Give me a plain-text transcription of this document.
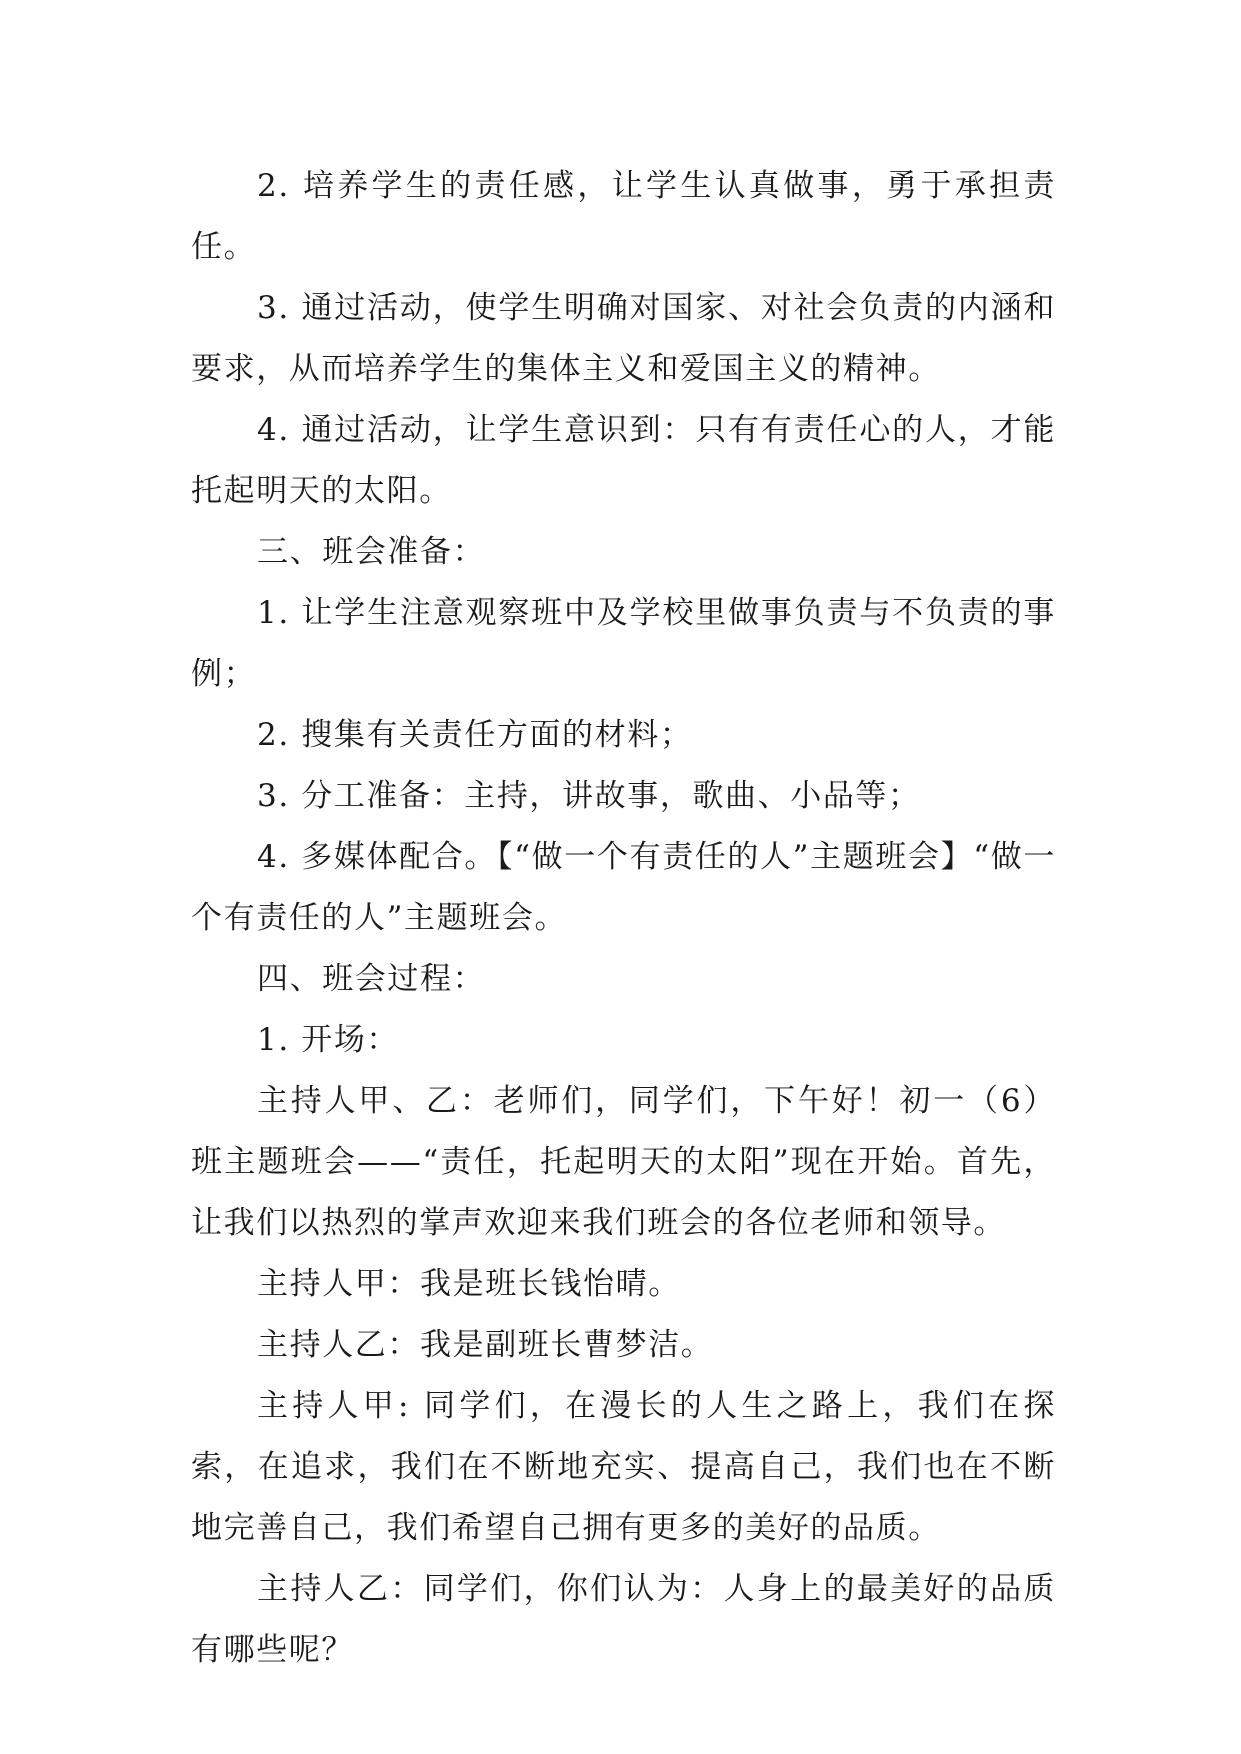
2. 培养学生的责任感，让学生认真做事，勇于承担责任。

3. 通过活动，使学生明确对国家、对社会负责的内涵和要求，从而培养学生的集体主义和爱国主义的精神。

4. 通过活动，让学生意识到：只有有责任心的人，才能托起明天的太阳。

三、班会准备：

1. 让学生注意观察班中及学校里做事负责与不负责的事例；

2. 搜集有关责任方面的材料；

3. 分工准备：主持，讲故事，歌曲、小品等；

4. 多媒体配合。【“做一个有责任的人”主题班会】“做一个有责任的人”主题班会。

四、班会过程：

1. 开场：

主持人甲、乙：老师们，同学们，下午好！初一（6）班主题班会——“责任，托起明天的太阳”现在开始。首先，让我们以热烈的掌声欢迎来我们班会的各位老师和领导。

主持人甲：我是班长钱怡晴。

主持人乙：我是副班长曹梦洁。

主持人甲: 同学们，在漫长的人生之路上，我们在探索，在追求，我们在不断地充实、提高自己，我们也在不断地完善自己，我们希望自己拥有更多的美好的品质。

主持人乙：同学们，你们认为：人身上的最美好的品质有哪些呢？
